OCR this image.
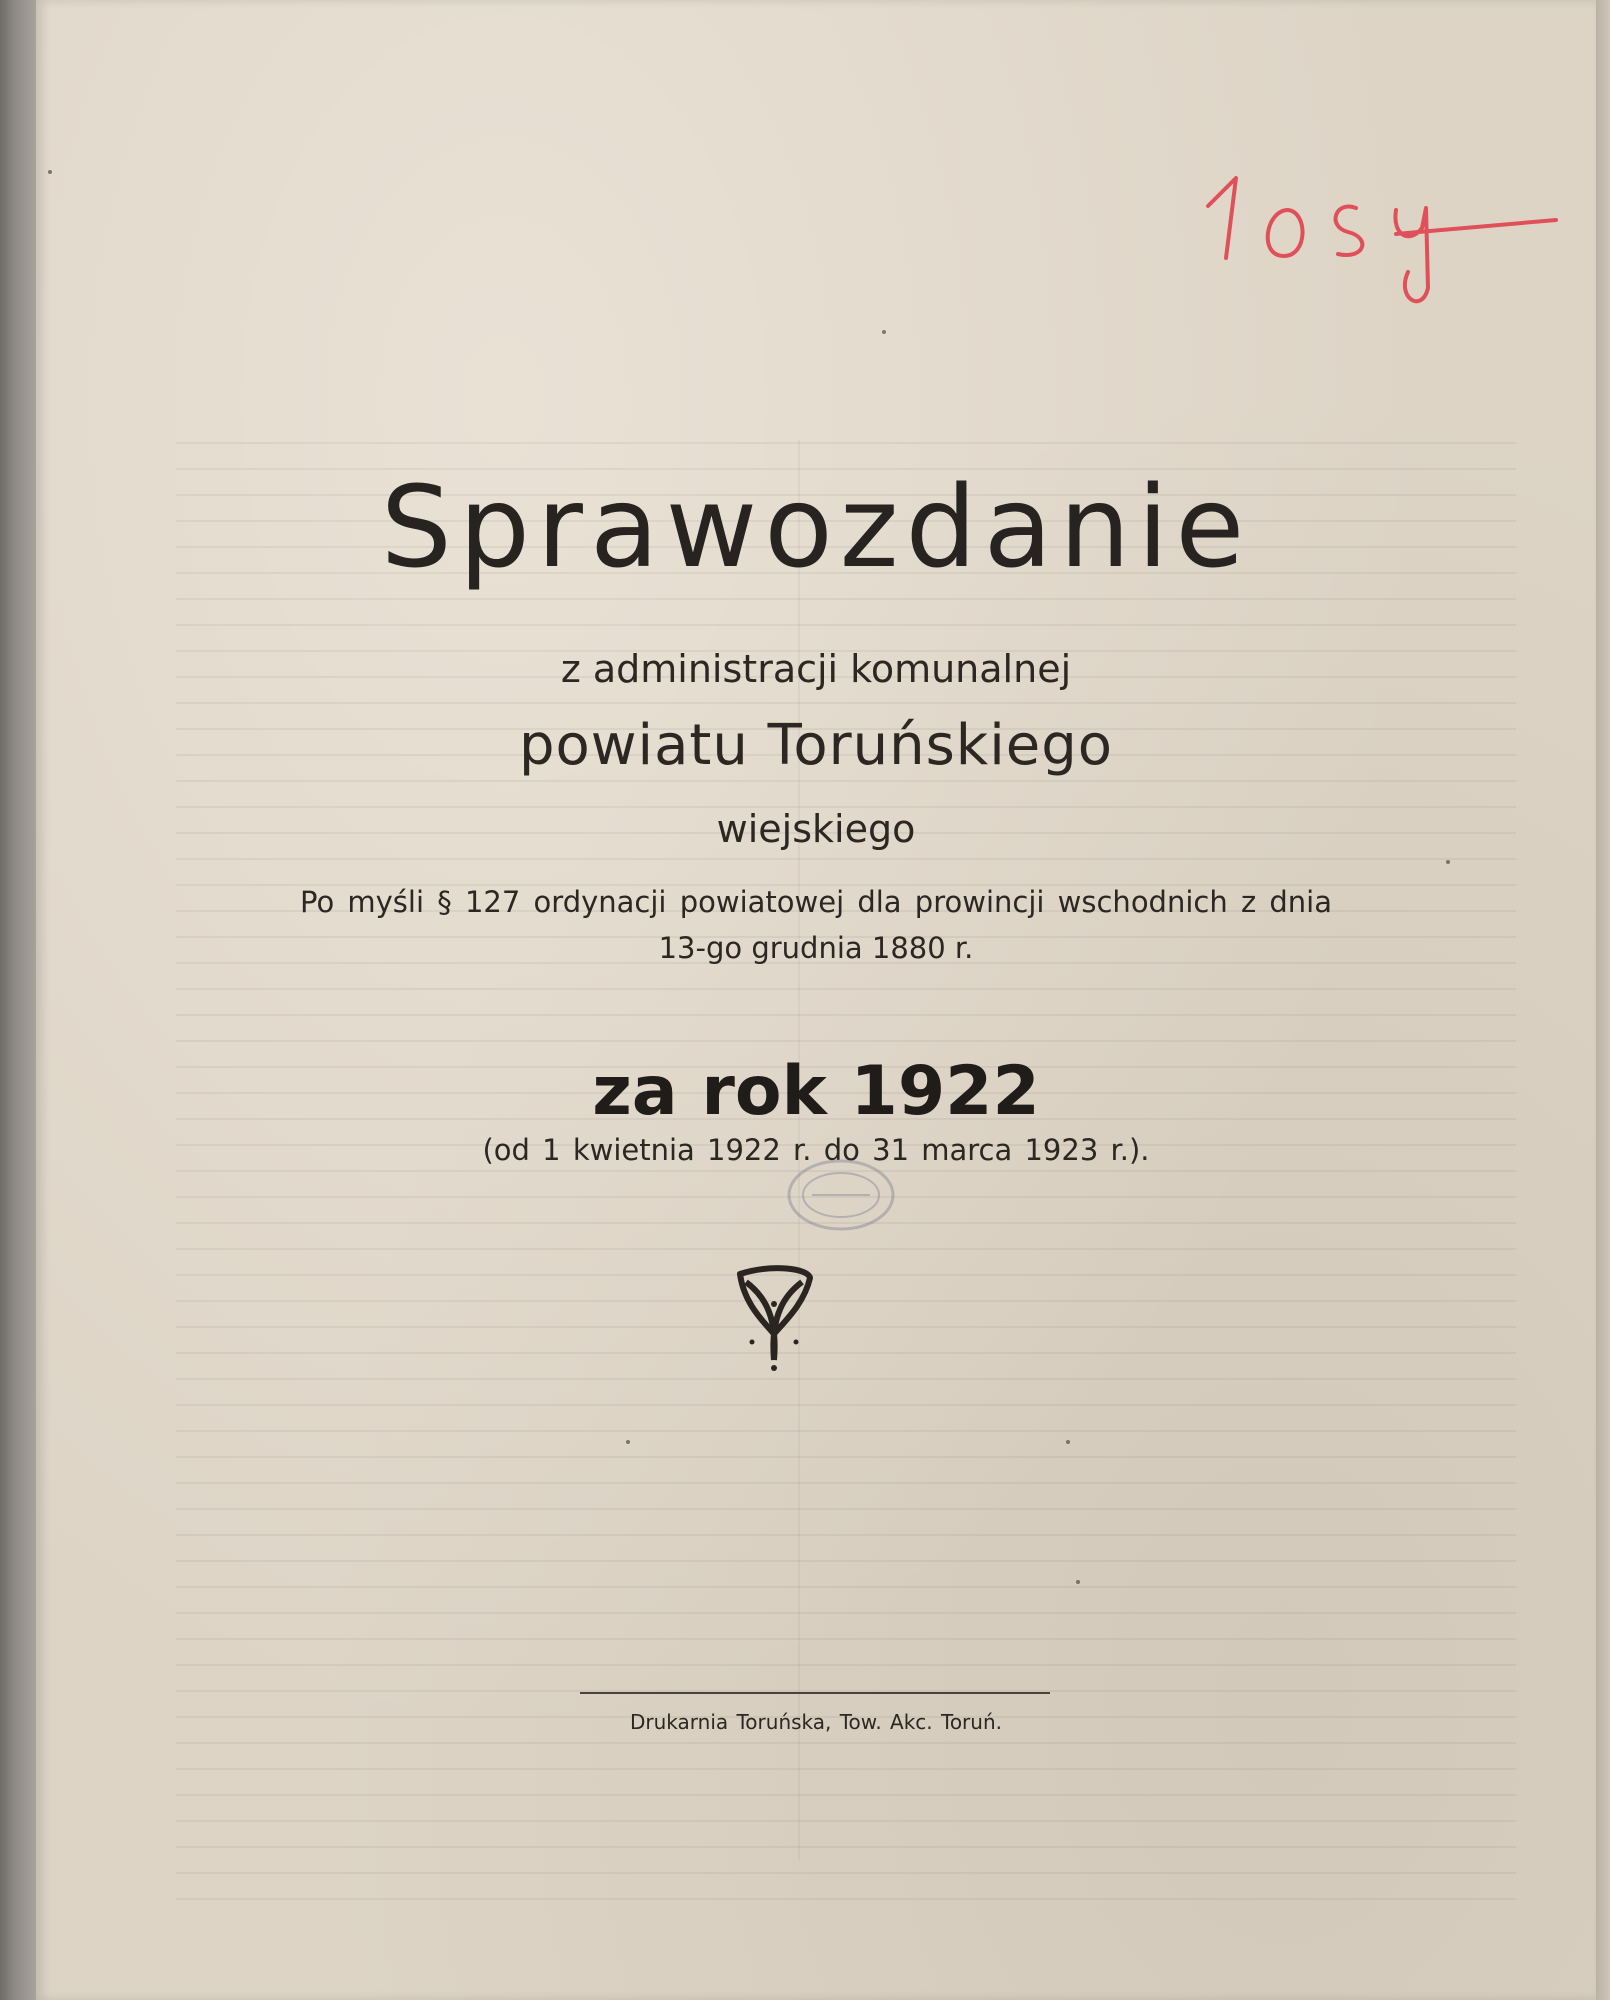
Sprawozdanie
z administracji komunalnej
powiatu Toruńskiego
wiejskiego
Po myśli § 127 ordynacji powiatowej dla prowincji wschodnich z dnia
13-go grudnia 1880 r.
za rok 1922
(od 1 kwietnia 1922 r. do 31 marca 1923 r.).
Drukarnia Toruńska, Tow. Akc. Toruń.
